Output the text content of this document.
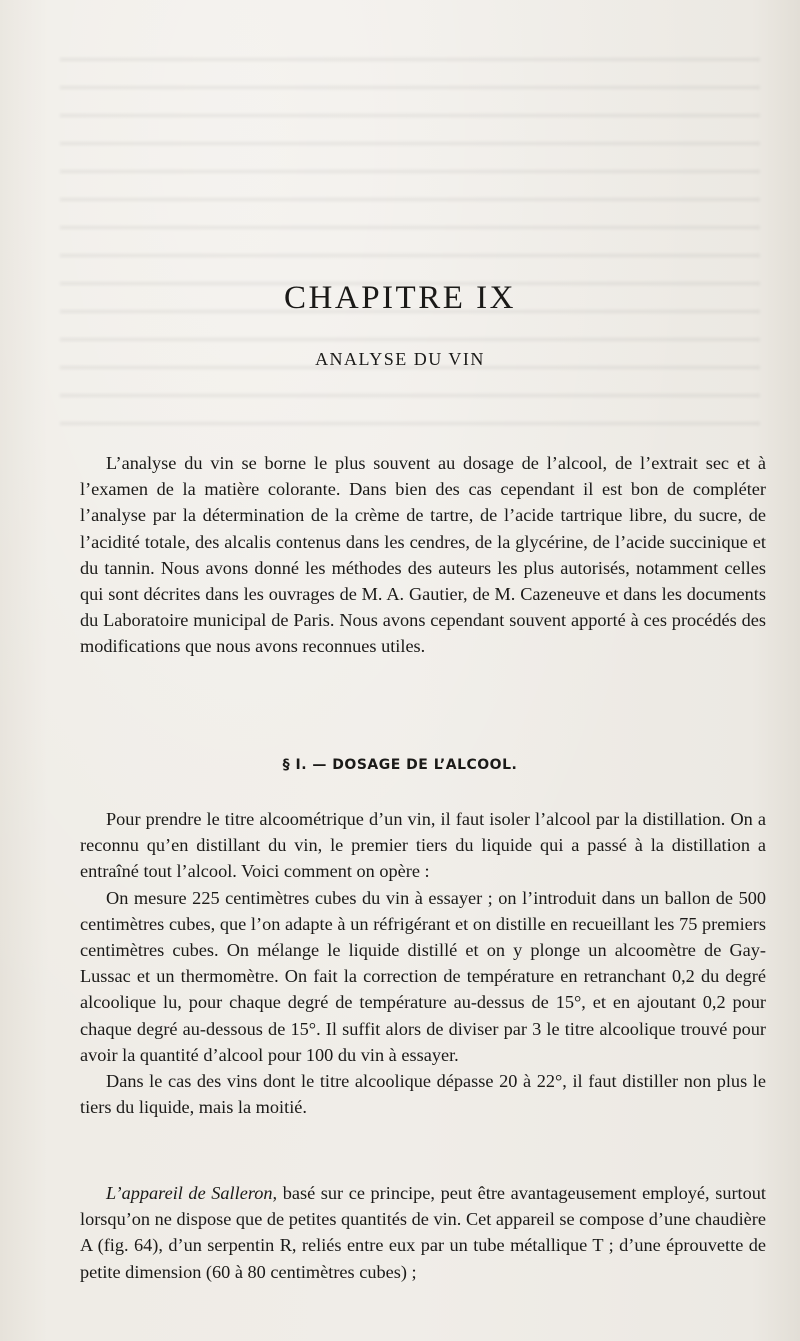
CHAPITRE IX
ANALYSE DU VIN

L’analyse du vin se borne le plus souvent au dosage de l’alcool, de l’extrait sec et à l’examen de la matière colorante. Dans bien des cas cependant il est bon de compléter l’analyse par la détermination de la crème de tartre, de l’acide tartrique libre, du sucre, de l’acidité totale, des alcalis contenus dans les cendres, de la glycérine, de l’acide succinique et du tannin. Nous avons donné les méthodes des auteurs les plus autorisés, notamment celles qui sont décrites dans les ouvrages de M. A. Gautier, de M. Cazeneuve et dans les documents du Laboratoire municipal de Paris. Nous avons cependant souvent apporté à ces procédés des modifications que nous avons reconnues utiles.

§ I. — DOSAGE DE L’ALCOOL.

Pour prendre le titre alcoométrique d’un vin, il faut isoler l’alcool par la distillation. On a reconnu qu’en distillant du vin, le premier tiers du liquide qui a passé à la distillation a entraîné tout l’alcool. Voici comment on opère :

On mesure 225 centimètres cubes du vin à essayer ; on l’introduit dans un ballon de 500 centimètres cubes, que l’on adapte à un réfrigérant et on distille en recueillant les 75 premiers centimètres cubes. On mélange le liquide distillé et on y plonge un alcoomètre de Gay-Lussac et un thermomètre. On fait la correction de température en retranchant 0,2 du degré alcoolique lu, pour chaque degré de température au-dessus de 15°, et en ajoutant 0,2 pour chaque degré au-dessous de 15°. Il suffit alors de diviser par 3 le titre alcoolique trouvé pour avoir la quantité d’alcool pour 100 du vin à essayer.

Dans le cas des vins dont le titre alcoolique dépasse 20 à 22°, il faut distiller non plus le tiers du liquide, mais la moitié.

L’appareil de Salleron, basé sur ce principe, peut être avantageusement employé, surtout lorsqu’on ne dispose que de petites quantités de vin. Cet appareil se compose d’une chaudière A (fig. 64), d’un serpentin R, reliés entre eux par un tube métallique T ; d’une éprouvette de petite dimension (60 à 80 centimètres cubes) ;
